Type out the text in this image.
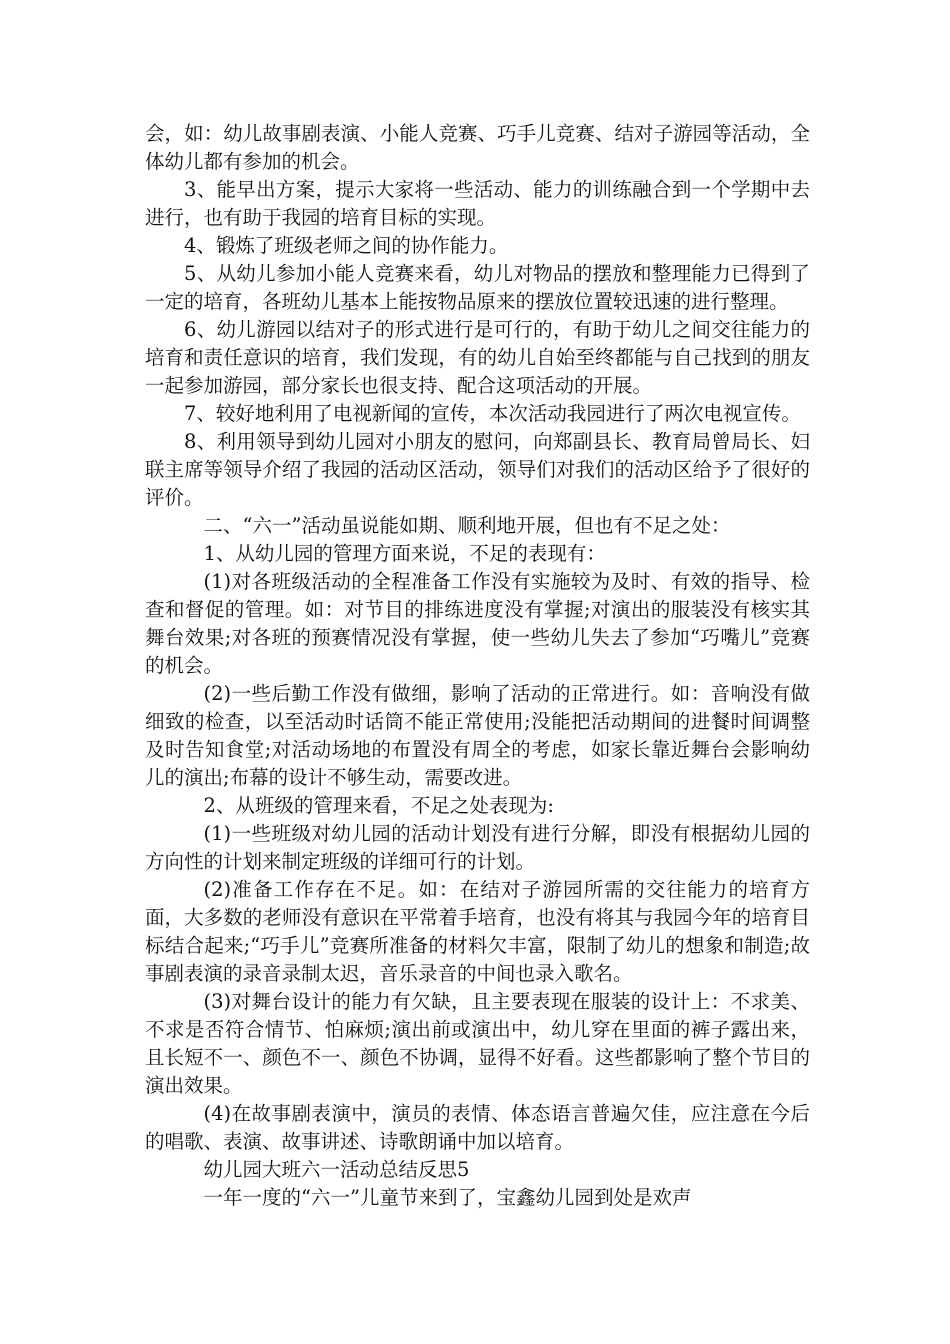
会，如：幼儿故事剧表演、小能人竞赛、巧手儿竞赛、结对子游园等活动，全体幼儿都有参加的机会。

3、能早出方案，提示大家将一些活动、能力的训练融合到一个学期中去进行，也有助于我园的培育目标的实现。

4、锻炼了班级老师之间的协作能力。

5、从幼儿参加小能人竞赛来看，幼儿对物品的摆放和整理能力已得到了一定的培育，各班幼儿基本上能按物品原来的摆放位置较迅速的进行整理。

6、幼儿游园以结对子的形式进行是可行的，有助于幼儿之间交往能力的培育和责任意识的培育，我们发现，有的幼儿自始至终都能与自己找到的朋友一起参加游园，部分家长也很支持、配合这项活动的开展。

7、较好地利用了电视新闻的宣传，本次活动我园进行了两次电视宣传。

8、利用领导到幼儿园对小朋友的慰问，向郑副县长、教育局曾局长、妇联主席等领导介绍了我园的活动区活动，领导们对我们的活动区给予了很好的评价。

二、“六一”活动虽说能如期、顺利地开展，但也有不足之处：

1、从幼儿园的管理方面来说，不足的表现有：

(1)对各班级活动的全程准备工作没有实施较为及时、有效的指导、检查和督促的管理。如：对节目的排练进度没有掌握;对演出的服装没有核实其舞台效果;对各班的预赛情况没有掌握，使一些幼儿失去了参加“巧嘴儿”竞赛的机会。

(2)一些后勤工作没有做细，影响了活动的正常进行。如：音响没有做细致的检查，以至活动时话筒不能正常使用;没能把活动期间的进餐时间调整及时告知食堂;对活动场地的布置没有周全的考虑，如家长靠近舞台会影响幼儿的演出;布幕的设计不够生动，需要改进。

2、从班级的管理来看，不足之处表现为:

(1)一些班级对幼儿园的活动计划没有进行分解，即没有根据幼儿园的方向性的计划来制定班级的详细可行的计划。

(2)准备工作存在不足。如：在结对子游园所需的交往能力的培育方面，大多数的老师没有意识在平常着手培育，也没有将其与我园今年的培育目标结合起来;“巧手儿”竞赛所准备的材料欠丰富，限制了幼儿的想象和制造;故事剧表演的录音录制太迟，音乐录音的中间也录入歌名。

(3)对舞台设计的能力有欠缺，且主要表现在服装的设计上：不求美、不求是否符合情节、怕麻烦;演出前或演出中，幼儿穿在里面的裤子露出来，且长短不一、颜色不一、颜色不协调，显得不好看。这些都影响了整个节目的演出效果。

(4)在故事剧表演中，演员的表情、体态语言普遍欠佳，应注意在今后的唱歌、表演、故事讲述、诗歌朗诵中加以培育。

幼儿园大班六一活动总结反思5

一年一度的“六一”儿童节来到了，宝鑫幼儿园到处是欢声
